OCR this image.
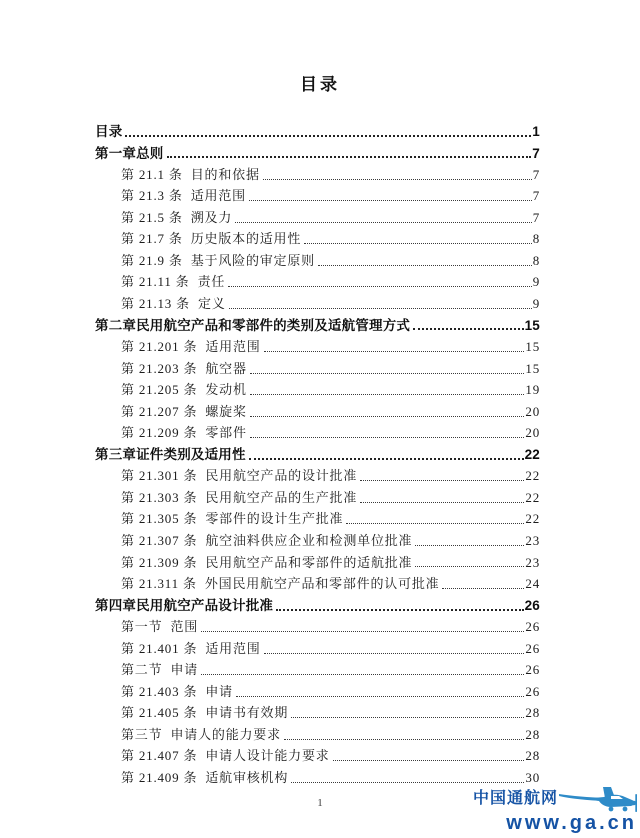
目录
目录	1
第一章总则	7
第 21.1 条  目的和依据	7
第 21.3 条  适用范围	7
第 21.5 条  溯及力	7
第 21.7 条  历史版本的适用性	8
第 21.9 条  基于风险的审定原则	8
第 21.11 条  责任	9
第 21.13 条  定义	9
第二章民用航空产品和零部件的类别及适航管理方式	15
第 21.201 条  适用范围	15
第 21.203 条  航空器	15
第 21.205 条  发动机	19
第 21.207 条  螺旋桨	20
第 21.209 条  零部件	20
第三章证件类别及适用性	22
第 21.301 条  民用航空产品的设计批准	22
第 21.303 条  民用航空产品的生产批准	22
第 21.305 条  零部件的设计生产批准	22
第 21.307 条  航空油料供应企业和检测单位批准	23
第 21.309 条  民用航空产品和零部件的适航批准	23
第 21.311 条  外国民用航空产品和零部件的认可批准	24
第四章民用航空产品设计批准	26
第一节  范围	26
第 21.401 条  适用范围	26
第二节  申请	26
第 21.403 条  申请	26
第 21.405 条  申请书有效期	28
第三节  申请人的能力要求	28
第 21.407 条  申请人设计能力要求	28
第 21.409 条  适航审核机构	30
1	中国通航网
www.ga.cn
